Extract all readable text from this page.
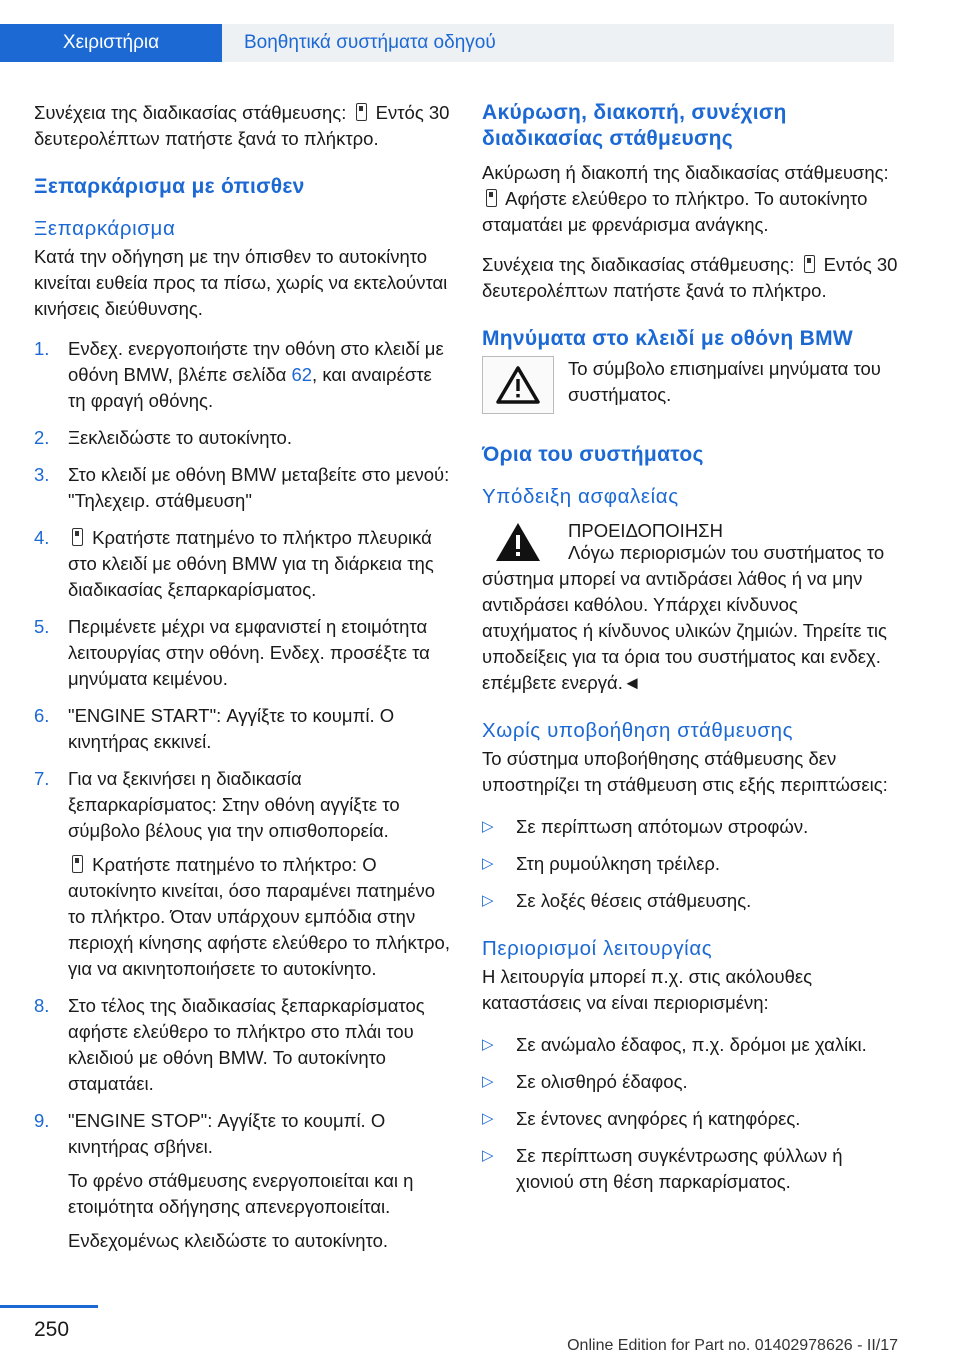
Χειριστήρια	Βοηθητικά συστήματα οδηγού

Συνέχεια της διαδικασίας στάθμευσης:  Εντός 30 δευτερολέπτων πατήστε ξανά το πλήκτρο.

Ξεπαρκάρισμα με όπισθεν
Ξεπαρκάρισμα

Κατά την οδήγηση με την όπισθεν το αυτοκίνητο κινείται ευθεία προς τα πίσω, χωρίς να εκτελούνται κινήσεις διεύθυνσης.

1.	Ενδεχ. ενεργοποιήστε την οθόνη στο κλειδί με οθόνη BMW, βλέπε σελίδα 62, και αναιρέστε τη φραγή οθόνης.
2.	Ξεκλειδώστε το αυτοκίνητο.
3.	Στο κλειδί με οθόνη BMW μεταβείτε στο μενού: "Τηλεχειρ. στάθμευση"
4.	Κρατήστε πατημένο το πλήκτρο πλευρικά στο κλειδί με οθόνη BMW για τη διάρκεια της διαδικασίας ξεπαρκαρίσματος.
5.	Περιμένετε μέχρι να εμφανιστεί η ετοιμότητα λειτουργίας στην οθόνη. Ενδεχ. προσέξτε τα μηνύματα κειμένου.
6.	"ENGINE START": Αγγίξτε το κουμπί. Ο κινητήρας εκκινεί.
7.	Για να ξεκινήσει η διαδικασία ξεπαρκαρίσματος: Στην οθόνη αγγίξτε το σύμβολο βέλους για την οπισθοπορεία.
Κρατήστε πατημένο το πλήκτρο: Ο αυτοκίνητο κινείται, όσο παραμένει πατημένο το πλήκτρο. Όταν υπάρχουν εμπόδια στην περιοχή κίνησης αφήστε ελεύθερο το πλήκτρο, για να ακινητοποιήσετε το αυτοκίνητο.
8.	Στο τέλος της διαδικασίας ξεπαρκαρίσματος αφήστε ελεύθερο το πλήκτρο στο πλάι του κλειδιού με οθόνη BMW. Το αυτοκίνητο σταματάει.
9.	"ENGINE STOP": Αγγίξτε το κουμπί. Ο κινητήρας σβήνει.
Το φρένο στάθμευσης ενεργοποιείται και η ετοιμότητα οδήγησης απενεργοποιείται.
Ενδεχομένως κλειδώστε το αυτοκίνητο.
Ακύρωση, διακοπή, συνέχιση διαδικασίας στάθμευσης

Ακύρωση ή διακοπή της διαδικασίας στάθμευσης:  Αφήστε ελεύθερο το πλήκτρο. Το αυτοκίνητο σταματάει με φρενάρισμα ανάγκης.

Συνέχεια της διαδικασίας στάθμευσης:  Εντός 30 δευτερολέπτων πατήστε ξανά το πλήκτρο.

Μηνύματα στο κλειδί με οθόνη BMW
Το σύμβολο επισημαίνει μηνύματα του συστήματος.
Όρια του συστήματος
Υπόδειξη ασφαλείας
ΠΡΟΕΙΔΟΠΟΙΗΣΗ

Λόγω περιορισμών του συστήματος το σύστημα μπορεί να αντιδράσει λάθος ή να μην αντιδράσει καθόλου. Υπάρχει κίνδυνος ατυχήματος ή κίνδυνος υλικών ζημιών. Τηρείτε τις υποδείξεις για τα όρια του συστήματος και ενδεχ. επέμβετε ενεργά.◄

Χωρίς υποβοήθηση στάθμευσης

Το σύστημα υποβοήθησης στάθμευσης δεν υποστηρίζει τη στάθμευση στις εξής περιπτώσεις:

▷	Σε περίπτωση απότομων στροφών.
▷	Στη ρυμούλκηση τρέιλερ.
▷	Σε λοξές θέσεις στάθμευσης.
Περιορισμοί λειτουργίας

Η λειτουργία μπορεί π.χ. στις ακόλουθες καταστάσεις να είναι περιορισμένη:

▷	Σε ανώμαλο έδαφος, π.χ. δρόμοι με χαλίκι.
▷	Σε ολισθηρό έδαφος.
▷	Σε έντονες ανηφόρες ή κατηφόρες.
▷	Σε περίπτωση συγκέντρωσης φύλλων ή χιονιού στη θέση παρκαρίσματος.
250
Online Edition for Part no. 01402978626 - II/17
